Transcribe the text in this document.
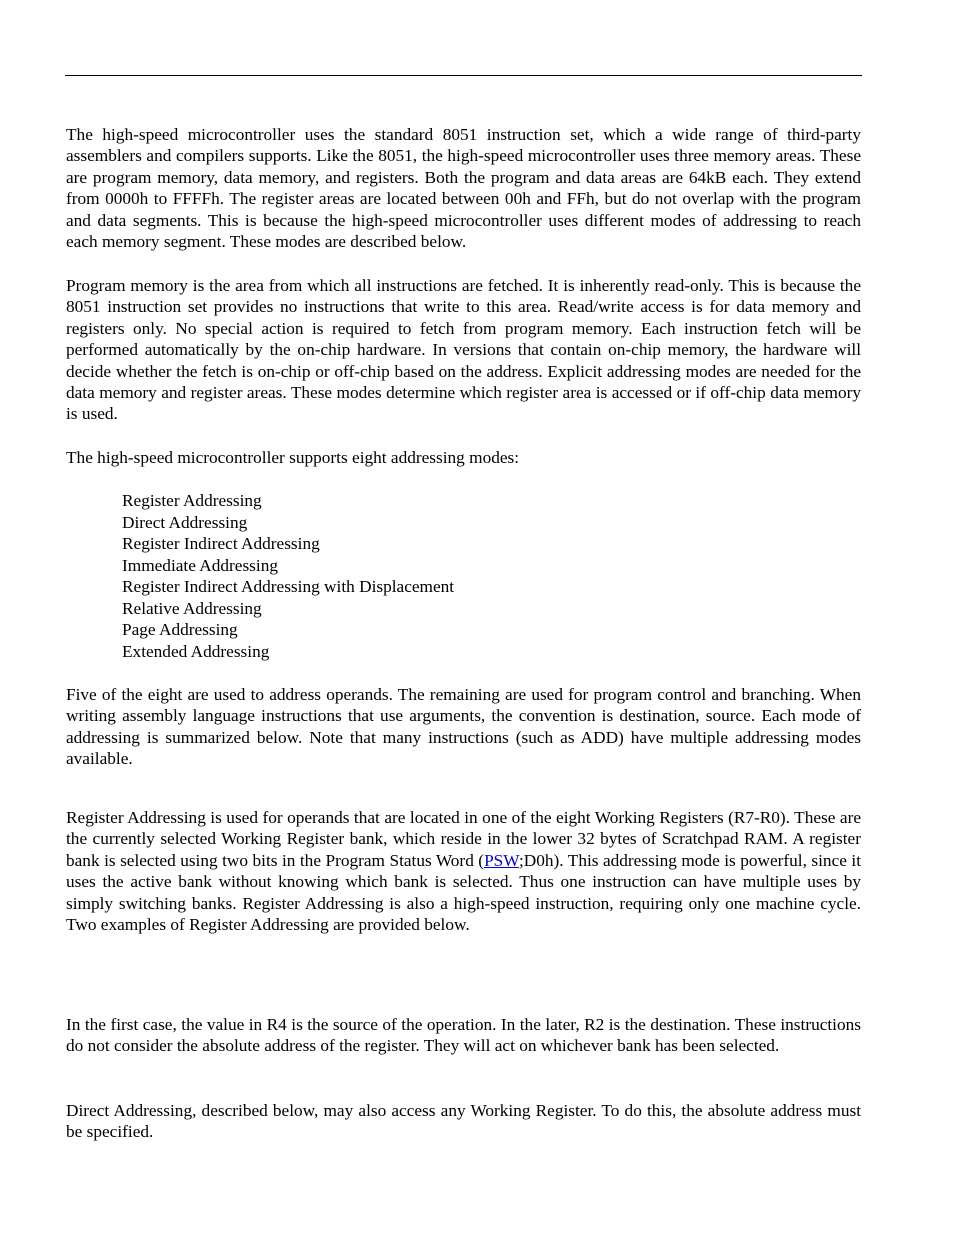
The high-speed microcontroller uses the standard 8051 instruction set, which a wide range of third-party assemblers and compilers supports. Like the 8051, the high-speed microcontroller uses three memory areas. These are program memory, data memory, and registers. Both the program and data areas are 64kB each. They extend from 0000h to FFFFh. The register areas are located between 00h and FFh, but do not overlap with the program and data segments. This is because the high-speed microcontroller uses different modes of addressing to reach each memory segment. These modes are described below.

Program memory is the area from which all instructions are fetched. It is inherently read-only. This is because the 8051 instruction set provides no instructions that write to this area. Read/write access is for data memory and registers only. No special action is required to fetch from program memory. Each instruction fetch will be performed automatically by the on-chip hardware. In versions that contain on-chip memory, the hardware will decide whether the fetch is on-chip or off-chip based on the address. Explicit addressing modes are needed for the data memory and register areas. These modes determine which register area is accessed or if off-chip data memory is used.

The high-speed microcontroller supports eight addressing modes:

Register Addressing
Direct Addressing
Register Indirect Addressing
Immediate Addressing
Register Indirect Addressing with Displacement
Relative Addressing
Page Addressing
Extended Addressing

Five of the eight are used to address operands. The remaining are used for program control and branching. When writing assembly language instructions that use arguments, the convention is destination, source. Each mode of addressing is summarized below. Note that many instructions (such as ADD) have multiple addressing modes available.

Register Addressing is used for operands that are located in one of the eight Working Registers (R7-R0). These are the currently selected Working Register bank, which reside in the lower 32 bytes of Scratchpad RAM. A register bank is selected using two bits in the Program Status Word (PSW;D0h). This addressing mode is powerful, since it uses the active bank without knowing which bank is selected. Thus one instruction can have multiple uses by simply switching banks. Register Addressing is also a high-speed instruction, requiring only one machine cycle. Two examples of Register Addressing are provided below.

In the first case, the value in R4 is the source of the operation. In the later, R2 is the destination. These instructions do not consider the absolute address of the register. They will act on whichever bank has been selected.

Direct Addressing, described below, may also access any Working Register. To do this, the absolute address must be specified.
